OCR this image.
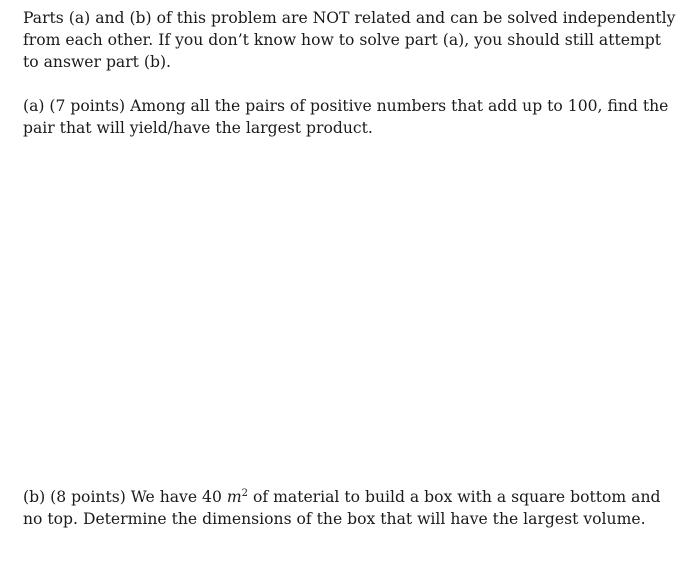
Parts (a) and (b) of this problem are NOT related and can be solved independently
from each other. If you don’t know how to solve part (a), you should still attempt
to answer part (b).

(a) (7 points) Among all the pairs of positive numbers that add up to 100, find the
pair that will yield/have the largest product.

(b) (8 points) We have 40 $m^2$ of material to build a box with a square bottom and
no top. Determine the dimensions of the box that will have the largest volume.
